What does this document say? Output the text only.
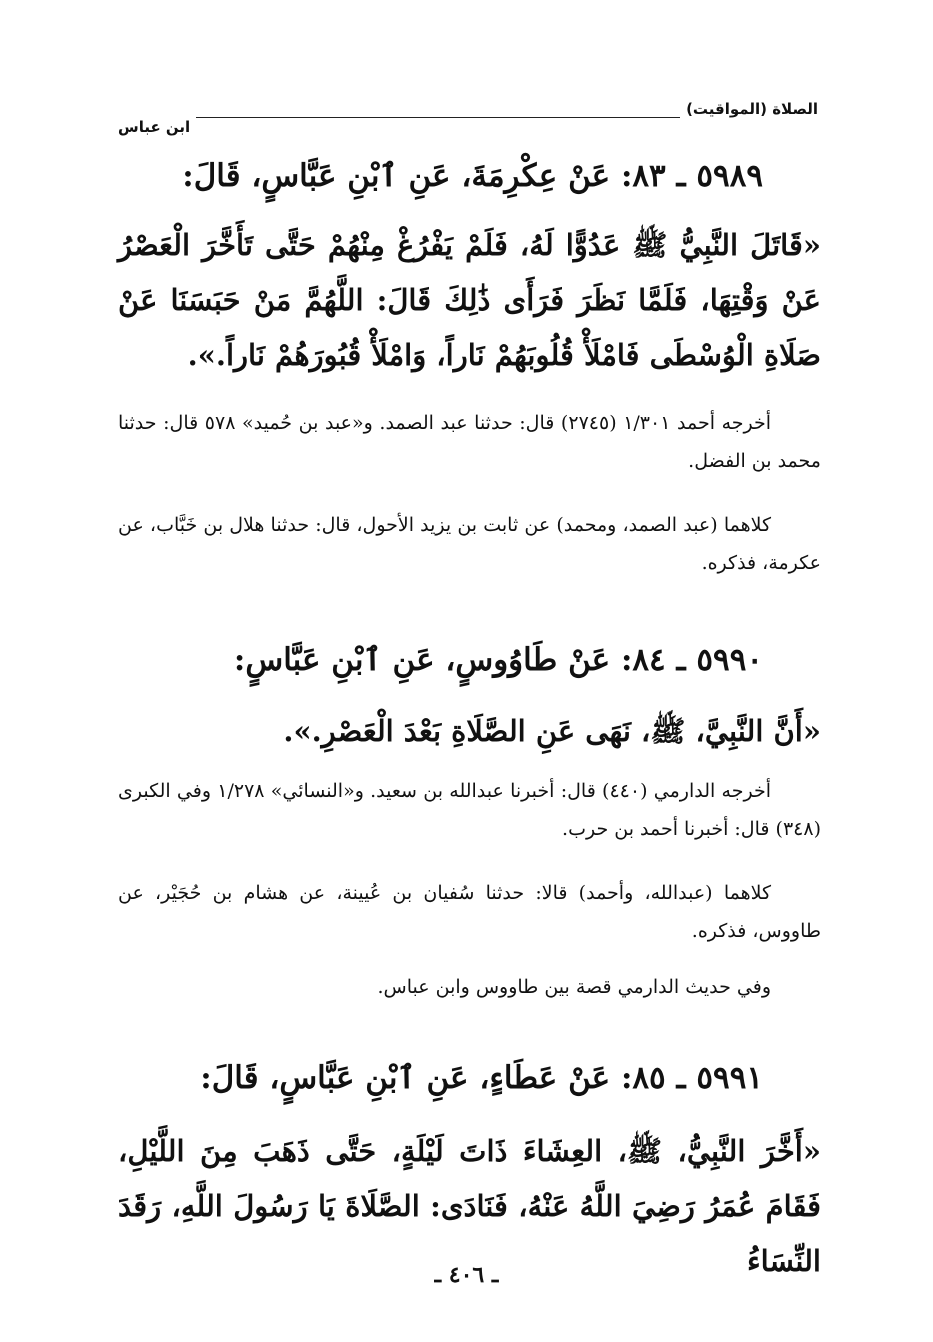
الصلاة (المواقيت)
ابن عباس
٥٩٨٩ ـ ٨٣: عَنْ عِكْرِمَةَ، عَنِ ٱبْنِ عَبَّاسٍ، قَالَ:
«قَاتَلَ النَّبِيُّ ﷺ عَدُوًّا لَهُ، فَلَمْ يَفْرُغْ مِنْهُمْ حَتَّى تَأَخَّرَ الْعَصْرُ عَنْ وَقْتِهَا، فَلَمَّا نَظَرَ فَرَأَى ذَٰلِكَ قَالَ: اللَّهُمَّ مَنْ حَبَسَنَا عَنْ صَلَاةِ الْوُسْطَى فَامْلَأْ قُلُوبَهُمْ نَاراً، وَامْلَأْ قُبُورَهُمْ نَاراً.».
أخرجه أحمد ١/٣٠١ (٢٧٤٥) قال: حدثنا عبد الصمد. و«عبد بن حُميد» ٥٧٨ قال: حدثنا محمد بن الفضل.
كلاهما (عبد الصمد، ومحمد) عن ثابت بن يزيد الأحول، قال: حدثنا هلال بن خَبَّاب، عن عكرمة، فذكره.
٥٩٩٠ ـ ٨٤: عَنْ طَاوُوسٍ، عَنِ ٱبْنِ عَبَّاسٍ:
«أَنَّ النَّبِيَّ، ﷺ، نَهَى عَنِ الصَّلَاةِ بَعْدَ الْعَصْرِ.».
أخرجه الدارمي (٤٤٠) قال: أخبرنا عبدالله بن سعيد. و«النسائي» ١/٢٧٨ وفي الكبرى (٣٤٨) قال: أخبرنا أحمد بن حرب.
كلاهما (عبدالله، وأحمد) قالا: حدثنا سُفيان بن عُيينة، عن هشام بن حُجَيْر، عن طاووس، فذكره.
وفي حديث الدارمي قصة بين طاووس وابن عباس.
٥٩٩١ ـ ٨٥: عَنْ عَطَاءٍ، عَنِ ٱبْنِ عَبَّاسٍ، قَالَ:
«أَخَّرَ النَّبِيُّ، ﷺ، العِشَاءَ ذَاتَ لَيْلَةٍ، حَتَّى ذَهَبَ مِنَ اللَّيْلِ، فَقَامَ عُمَرُ رَضِيَ اللَّهُ عَنْهُ، فَنَادَى: الصَّلَاةَ يَا رَسُولَ اللَّهِ، رَقَدَ النِّسَاءُ
ـ ٤٠٦ ـ
